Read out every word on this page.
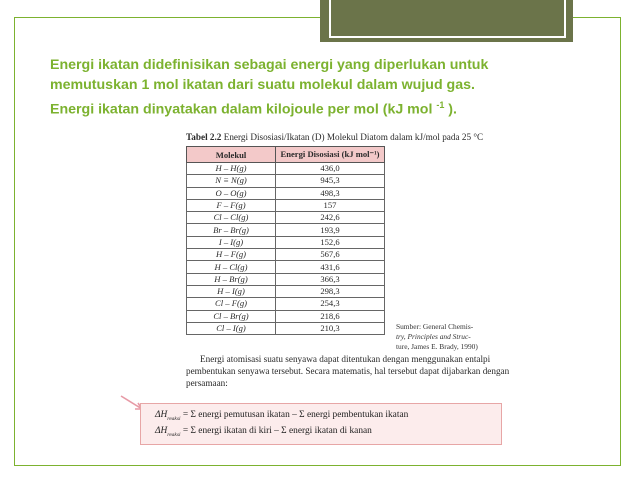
Energi ikatan didefinisikan sebagai energi yang diperlukan untuk

memutuskan 1 mol ikatan dari suatu molekul dalam wujud gas.

Energi ikatan dinyatakan dalam kilojoule per mol (kJ mol $^{-1}$ ).

Tabel 2.2 Energi Disosiasi/Ikatan (D) Molekul Diatom dalam kJ/mol pada 25 °C
Molekul	Energi Disosiasi (kJ mol⁻¹)
H – H(g)	436,0
N ≡ N(g)	945,3
O – O(g)	498,3
F – F(g)	157
Cl – Cl(g)	242,6
Br – Br(g)	193,9
I – I(g)	152,6
H – F(g)	567,6
H – Cl(g)	431,6
H – Br(g)	366,3
H – I(g)	298,3
Cl – F(g)	254,3
Cl – Br(g)	218,6
Cl – I(g)	210,3	Sumber: General Chemis-
try, Principles and Struc-
ture, James E. Brady, 1990)

Energi atomisasi suatu senyawa dapat ditentukan dengan menggunakan entalpi pembentukan senyawa tersebut. Secara matematis, hal tersebut dapat dijabarkan dengan persamaan:

$\Delta H_{reaksi} = \Sigma$ energi pemutusan ikatan – Σ energi pembentukan ikatan
$\Delta H_{reaksi} = \Sigma$ energi ikatan di kiri – Σ energi ikatan di kanan
